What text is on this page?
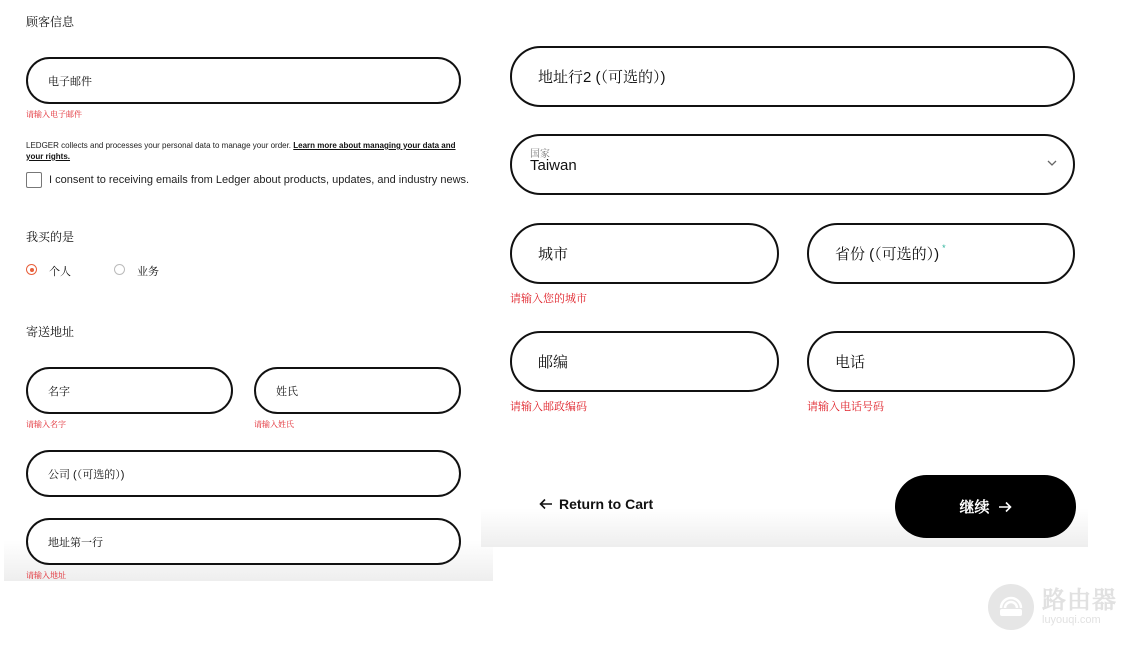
顾客信息
电子邮件
请输入电子邮件
LEDGER collects and processes your personal data to manage your order. Learn more about managing your data and your rights.
I consent to receiving emails from Ledger about products, updates, and industry news.
我买的是
个人	业务
寄送地址
名字
请输入名字
姓氏
请输入姓氏
公司 (（可选的）)
地址第一行
请输入地址
地址行2 (（可选的）)
国家
Taiwan
城市
请输入您的城市
省份 (（可选的）) *
邮编
请输入邮政编码
电话
请输入电话号码
Return to Cart	继续
路由器
luyouqi.com
